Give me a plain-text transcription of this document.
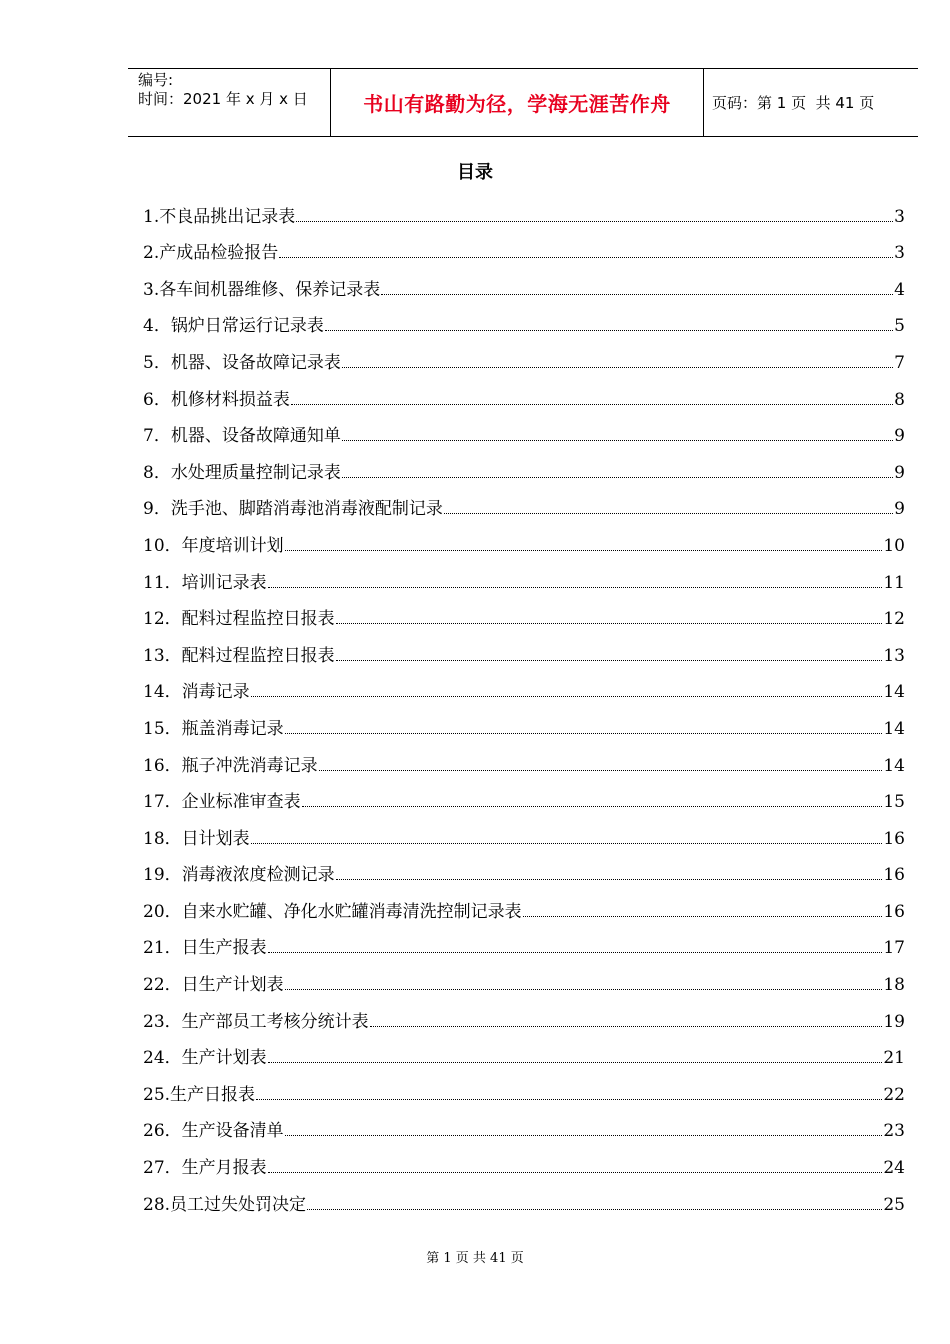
编号:
时间：2021 年 x 月 x 日	书山有路勤为径，学海无涯苦作舟	页码：第 1 页  共 41 页
目录
1.不良品挑出记录表	3
2.产成品检验报告	3
3.各车间机器维修、保养记录表	4
4．锅炉日常运行记录表	5
5．机器、设备故障记录表	7
6．机修材料损益表	8
7．机器、设备故障通知单	9
8．水处理质量控制记录表	9
9．洗手池、脚踏消毒池消毒液配制记录	9
10．年度培训计划	10
11．培训记录表	11
12．配料过程监控日报表	12
13．配料过程监控日报表	13
14．消毒记录	14
15．瓶盖消毒记录	14
16．瓶子冲洗消毒记录	14
17．企业标准审查表	15
18．日计划表	16
19．消毒液浓度检测记录	16
20．自来水贮罐、净化水贮罐消毒清洗控制记录表	16
21．日生产报表	17
22．日生产计划表	18
23．生产部员工考核分统计表	19
24．生产计划表	21
25.生产日报表	22
26．生产设备清单	23
27．生产月报表	24
28.员工过失处罚决定	25
第 1 页 共 41 页
